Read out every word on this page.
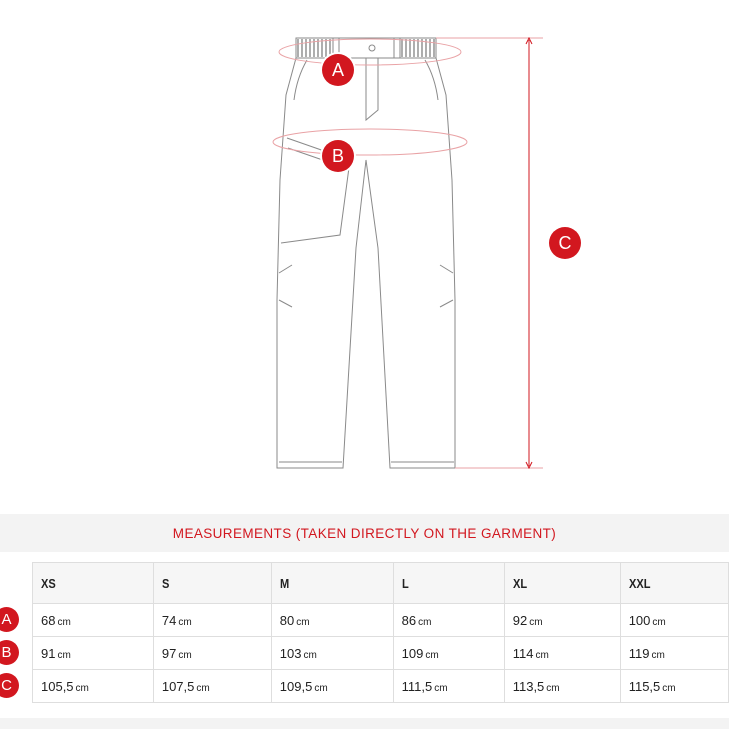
A
B
C
MEASUREMENTS (TAKEN DIRECTLY ON THE GARMENT)
XS	S	M	L	XL	XXL
68 cm	74 cm	80 cm	86 cm	92 cm	100 cm
91 cm	97 cm	103 cm	109 cm	114 cm	119 cm
105,5 cm	107,5 cm	109,5 cm	111,5 cm	113,5 cm	115,5 cm
A
B
C
